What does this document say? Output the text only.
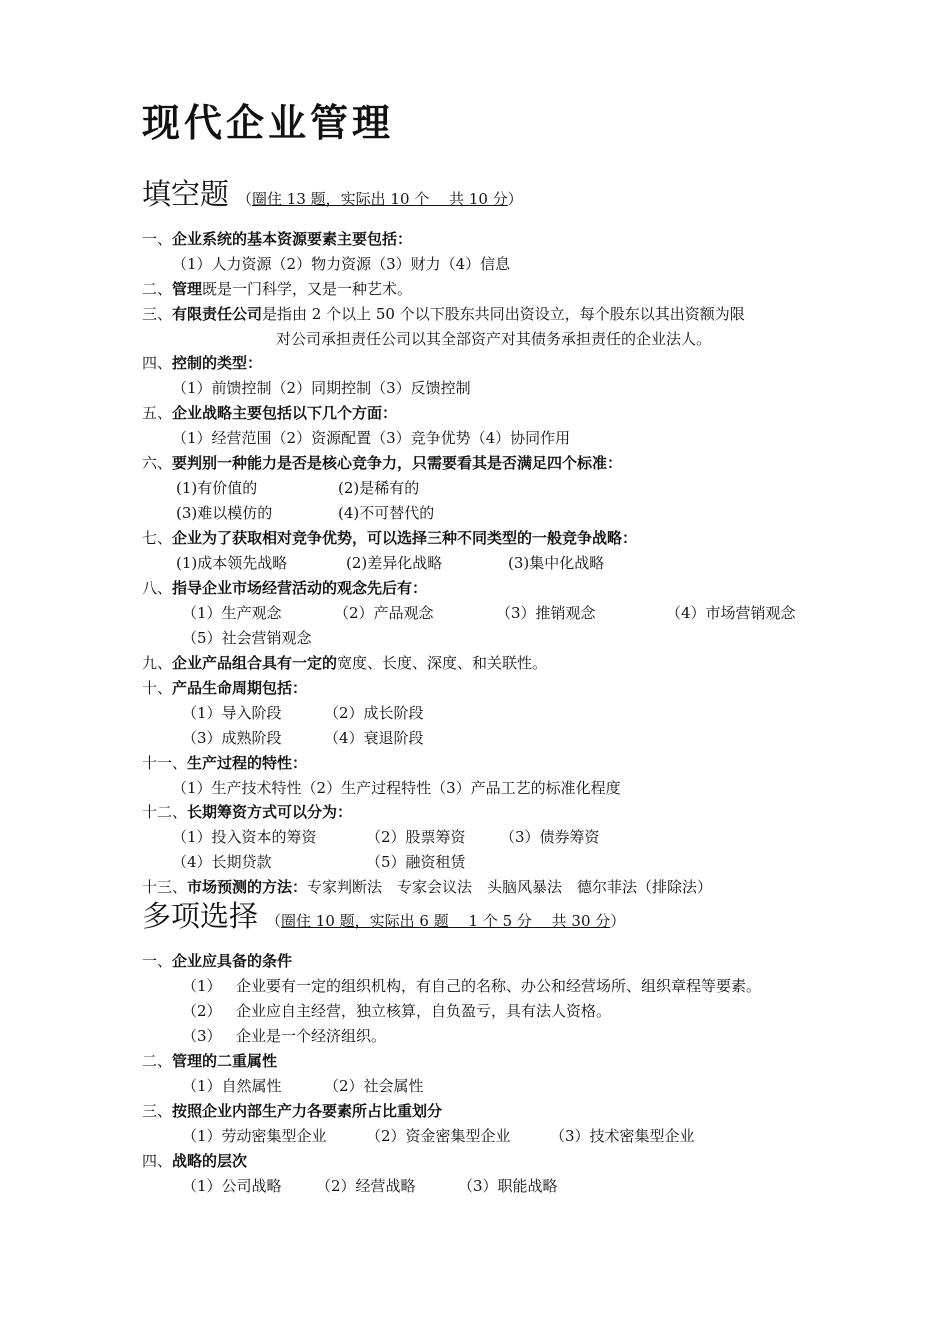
现代企业管理
填空题 （圈住 13 题，实际出 10 个　 共 10 分）
一、企业系统的基本资源要素主要包括：
（1）人力资源（2）物力资源（3）财力（4）信息
二、管理既是一门科学，又是一种艺术。
三、有限责任公司是指由 2 个以上 50 个以下股东共同出资设立，每个股东以其出资额为限
对公司承担责任公司以其全部资产对其债务承担责任的企业法人。
四、控制的类型：
（1）前馈控制（2）同期控制（3）反馈控制
五、企业战略主要包括以下几个方面：
（1）经营范围（2）资源配置（3）竞争优势（4）协同作用
六、要判别一种能力是否是核心竞争力，只需要看其是否满足四个标准：
(1)有价值的	(2)是稀有的
(3)难以模仿的	(4)不可替代的
七、企业为了获取相对竞争优势，可以选择三种不同类型的一般竞争战略：
(1)成本领先战略	(2)差异化战略	(3)集中化战略
八、指导企业市场经营活动的观念先后有：
（1）生产观念	（2）产品观念	（3）推销观念	（4）市场营销观念
（5）社会营销观念
九、企业产品组合具有一定的宽度、长度、深度、和关联性。
十、产品生命周期包括：
（1）导入阶段	（2）成长阶段
（3）成熟阶段	（4）衰退阶段
十一、生产过程的特性：
（1）生产技术特性（2）生产过程特性（3）产品工艺的标准化程度
十二、长期筹资方式可以分为：
（1）投入资本的筹资	（2）股票筹资 （3）债券筹资
（4）长期贷款	（5）融资租赁
十三、市场预测的方法：专家判断法　专家会议法　头脑风暴法　德尔菲法（排除法）
多项选择 （圈住 10 题，实际出 6 题　 1 个 5 分　 共 30 分）
一、企业应具备的条件
（1） 企业要有一定的组织机构，有自己的名称、办公和经营场所、组织章程等要素。
（2） 企业应自主经营，独立核算，自负盈亏，具有法人资格。
（3） 企业是一个经济组织。
二、管理的二重属性
（1）自然属性	（2）社会属性
三、按照企业内部生产力各要素所占比重划分
（1）劳动密集型企业	（2）资金密集型企业	（3）技术密集型企业
四、战略的层次
（1）公司战略 （2）经营战略	（3）职能战略
